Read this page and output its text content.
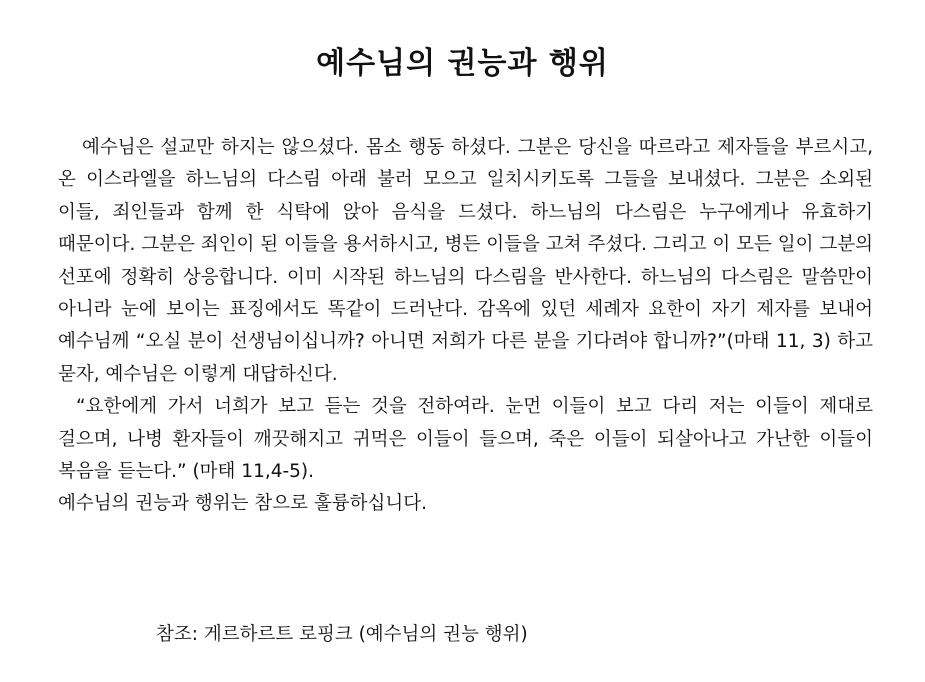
예수님의 권능과 행위

예수님은 설교만 하지는 않으셨다. 몸소 행동 하셨다. 그분은 당신을 따르라고 제자들을 부르시고, 온 이스라엘을 하느님의 다스림 아래 불러 모으고 일치시키도록 그들을 보내셨다. 그분은 소외된 이들, 죄인들과 함께 한 식탁에 앉아 음식을 드셨다. 하느님의 다스림은 누구에게나 유효하기 때문이다. 그분은 죄인이 된 이들을 용서하시고, 병든 이들을 고쳐 주셨다. 그리고 이 모든 일이 그분의 선포에 정확히 상응합니다. 이미 시작된 하느님의 다스림을 반사한다. 하느님의 다스림은 말씀만이 아니라 눈에 보이는 표징에서도 똑같이 드러난다. 감옥에 있던 세례자 요한이 자기 제자를 보내어 예수님께 “오실 분이 선생님이십니까? 아니면 저희가 다른 분을 기다려야 합니까?”(마태 11, 3) 하고 묻자, 예수님은 이렇게 대답하신다.

“요한에게 가서 너희가 보고 듣는 것을 전하여라. 눈먼 이들이 보고 다리 저는 이들이 제대로 걸으며, 나병 환자들이 깨끗해지고 귀먹은 이들이 들으며, 죽은 이들이 되살아나고 가난한 이들이 복음을 듣는다.” (마태 11,4-5).

예수님의 권능과 행위는 참으로 훌륭하십니다.

참조: 게르하르트 로핑크 (예수님의 권능 행위)
